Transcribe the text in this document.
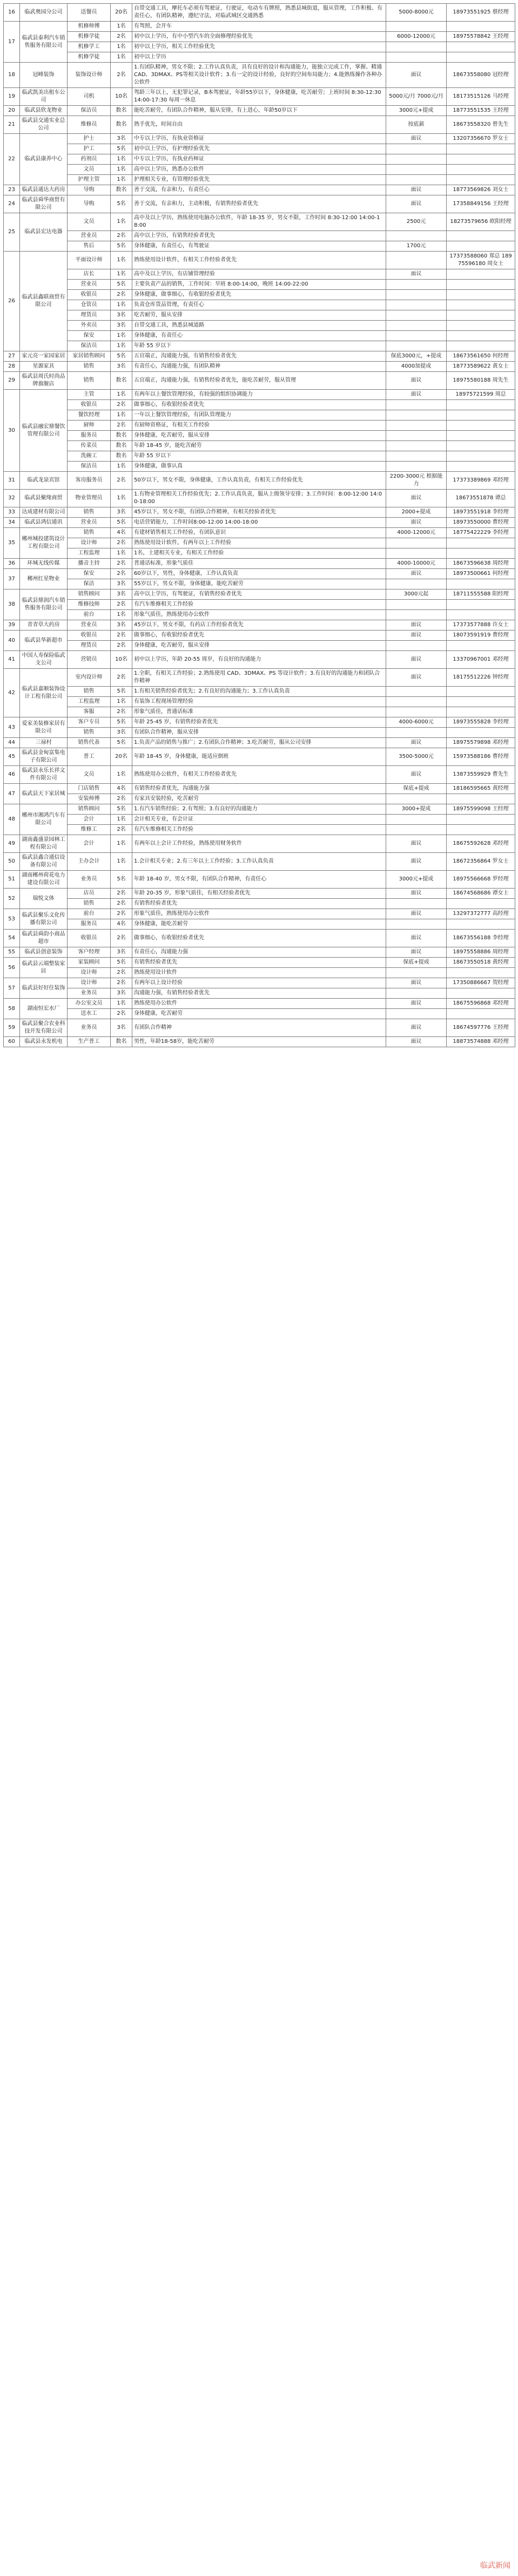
16	临武奥园分公司	送餐员	20名	自带交通工具，摩托车必须有驾驶证，行驶证，电动车有牌照，熟悉县城街道，服从管理，工作积极、有责任心，有团队精神，遵纪守法，对临武城区交通熟悉	5000-8000元	18973551925 蔡经理
17	临武县泰利汽车销售服务有限公司	机修师傅	1名	有驾照，会开车		
		机修学徒	2名	初中以上学历，有中小型汽车的全面修理经验优先	6000-12000元	18975578842 王经理
		机修学工	1名	初中以上学历，相关工作经验优先		
		机修学徒	1名	初中以上学历		
18	冠峰装饰	装饰设计师	2名	1.有团队精神，男女不限；2.工作认真负责，具有良好的设计和沟通能力，能独立完成工作，掌握、精通CAD、3DMAX、PS等相关设计软件；3.有一定的设计经验，良好的空间布局能力；4.能熟练操作各种办公软件	面议	18673558080 冠经理
19	临武凯美出租车公司	司机	10名	驾龄三年以上，无犯罪记录，B本驾驶证，年龄55岁以下，身体健康，吃苦耐劳；上班时间 8:30-12:30 14:00-17:30 每周一休息	5000元/月 7000元/月	18173515126 马经理
20	临武县欣龙物业	保洁员	数名	能吃苦耐劳，有团队合作精神，服从安排，有上进心，年龄50岁以下	3000元+提成	18773551535 王经理
21	临武县交通实业总公司	维修员	数名	熟手优先，时间自由	按底薪	18673558320 曾先生
22	临武县康养中心	护士	3名	中专以上学历，有执业资格证	面议	13207356670 罗女士
		护工	5名	初中以上学历，有护理经验优先		
		药剂员	1名	中专以上学历，有执业药师证		
		文员	1名	高中以上学历，熟悉办公软件		
		护理主管	1名	护理相关专业，有管理经验优先		
23	临武县通达大药房	导购	数名	善于交流，有亲和力，有责任心	面议	18773569826 刘女士
24	临武县舜华商贸有限公司	导购	5名	善于交流，有亲和力，主动积极，有销售经验者优先	面议	17358849156 王经理
25	临武县宏达电器	文员	1名	高中及以上学历，熟练使用电脑办公软件，年龄 18-35 岁，男女不限，工作时间 8:30-12:00 14:00-18:00	2500元	18273579656 欧阳经理
		营业员	2名	高中以上学历，有销售经验者优先		
		售后	5名	身体健康，有责任心，有驾驶证	1700元	
26	临武县鑫联商贸有限公司	平面设计师	1名	熟练使用设计软件，有相关工作经验者优先		17373588060 郑总 18975596180 周女士
		店长	1名	高中及以上学历，有店铺管理经验	面议	
		营业员	5名	主要负责产品的销售，工作时间：早班 8:00-14:00，晚班 14:00-22:00		
		收银员	2名	身体健康，做事细心，有收银经验者优先		
		仓管员	1名	负责仓库货品管理，有责任心		
		理货员	3名	吃苦耐劳，服从安排		
		外卖员	3名	自带交通工具，熟悉县城道路		
		保安	1名	身体健康，有责任心		
		保洁员	1名	年龄 55 岁以下		
27	家元亮一家园家居	家居销售顾问	5名	五官端正，沟通能力强，有销售经验者优先	保底3000元，+提成	18673561650 何经理
28	星源家具	销售	3名	有责任心，沟通能力强，有团队精神	4000加提成	18773589622 黄女士
29	临武县周氏时尚品牌旗舰店	销售	数名	五官端正，沟通能力强，有销售经验者优先，能吃苦耐劳，服从管理	面议	18975580188 周先生
30	临武县融宏鼎餐饮管理有限公司	主管	1名	有两年以上餐饮管理经验，有较强的组织协调能力	面议	18975721599 周总
		收银员	2名	做事细心，有收银经验者优先		
		餐饮经理	1名	一年以上餐饮管理经验，有团队管理能力		
		厨师	2名	有厨师资格证，有相关工作经验		
		服务员	数名	身体健康，吃苦耐劳，服从安排		
		传菜员	数名	年龄 18-45 岁，能吃苦耐劳		
		洗碗工	数名	年龄 55 岁以下		
		保洁员	1名	身体健康，做事认真		
31	临武龙泉宾馆	客房服务员	2名	50岁以下，男女不限，身体健康，工作认真负责，有相关工作经验优先	2200-3000元 根据能力	17373389869 邓经理
32	临武县聚缘商贸	物业管理员	1名	1.有物业管理相关工作经验优先；2.工作认真负责，服从上级领导安排；3.工作时间：8:00-12:00 14:00-18:00	面议	18673551878 谭总
33	达成建材有限公司	销售	3名	45岁以下，男女不限，有团队合作精神，有相关经验者优先	2000+提成	18973551918 李经理
34	临武县鸿信通讯	营业员	5名	电话营销能力，工作时间8:00-12:00 14:00-18:00	面议	18973550000 曹经理
35	郴州城投建筑设计工程有限公司	销售	4名	有建材销售相关工作经验，有团队意识	4000-12000元	18775422229 李经理
		设计师	2名	熟练使用设计软件，有两年以上工作经验		
		工程监理	1名	1名，土建相关专业，有相关工作经验		
36	环城无线传媒	播音主持	2名	普通话标准，形象气质佳	4000-10000元	18673596638 周经理
37	郴州红星物业	保安	2名	60岁以下，男性，身体健康，工作认真负责	面议	18973500661 何经理
		保洁	3名	55岁以下，男女不限，身体健康，能吃苦耐劳		
38	临武县鼎润汽车销售服务有限公司	销售顾问	3名	高中以上学历，有驾驶证，有销售经验者优先	3000元起	18711555588 阳经理
		维修技师	2名	有汽车维修相关工作经验		
		前台	1名	形象气质佳，熟练使用办公软件		
39	青青草大药房	营业员	3名	45岁以下，男女不限，有药店工作经验者优先	面议	17373577888 许女士
40	临武县华新超市	收银员	2名	做事细心，有收银经验者优先	面议	18073591919 曹经理
		理货员	2名	身体健康，吃苦耐劳，服从安排		
41	中国人寿保险临武支公司	营销员	10名	初中以上学历，年龄 20-55 周岁，有良好的沟通能力	面议	13370967001 邓经理
42	临武县嘉顺装饰设计工程有限公司	室内设计师	2名	1.全职，有相关工作经验；2.熟练使用 CAD、3DMAX、PS 等设计软件；3.有良好的沟通能力和团队合作精神	面议	18175512226 钟经理
		销售	5名	1.有相关销售经验者优先；2.有良好的沟通能力；3.工作认真负责		
		工程监理	1名	有装饰工程现场管理经验		
		客服	2名	形象气质佳，普通话标准		
43	爱家美装修家居有限公司	客户专员	5名	年龄 25-45 岁，有销售经验者优先	4000-6000元	18973555828 李经理
		销售	3名	有团队合作精神，服从安排		
44	三禄村	销售代表	5名	1.负责产品的销售与推广；2.有团队合作精神；3.吃苦耐劳，服从公司安排	面议	18975579898 邓经理
45	临武县金甸富集电子有限公司	普工	20名	年龄 18-45 岁，身体健康，能适应倒班	3500-5000元	15973588186 曹经理
46	临武县永乐长祥文件有限公司	文员	1名	熟练使用办公软件，有相关工作经验者优先	面议	13873559929 曹先生
47	临武县天下家居城	门店销售	4名	有销售经验者优先，沟通能力强	保底+提成	18186595665 黄经理
		安装师傅	2名	有家具安装经验，吃苦耐劳		
48	郴州市湘鸿汽车有限公司	销售顾问	5名	1.有汽车销售经验；2.有驾照；3.有良好的沟通能力	3000+提成	18975599098 王经理
		会计	1名	会计相关专业，有会计证		
		维修工	2名	有汽车维修相关工作经验		
49	湖南鑫盛景园林工程有限公司	会计	1名	有两年以上会计工作经验，熟练使用财务软件	面议	18675592628 邓经理
50	临武县鑫合通信设备有限公司	主办会计	1名	1.会计相关专业；2.有三年以上工作经验；3.工作认真负责	面议	18672356864 罗女士
51	湖南郴州荷花电力建设有限公司	业务员	5名	年龄 18-40 岁，男女不限，有团队合作精神，有责任心	3000元+提成	18975566668 罗经理
52	瑞悦文体	店员	2名	年龄 20-35 岁，形象气质佳，有相关经验者优先	面议	18674568686 谭女士
		销售	2名	有销售经验者优先		
53	临武县聚乐文化传播有限公司	前台	2名	形象气质佳，熟练使用办公软件	面议	13297372777 高经理
		服务员	4名	身体健康，能吃苦耐劳		
54	临武县舜韵小商品超市	收银员	2名	做事细心，有收银经验者优先	面议	18673556188 李经理
55	临武县创意装饰	客户经理	3名	有责任心，沟通能力强	面议	18975558886 周经理
56	临武县云端整装家居	家装顾问	5名	有销售经验者优先	保底+提成	18673550518 黄经理
		设计师	2名	熟练使用设计软件		
57	临武县好好住装饰	设计师	2名	有两年以上设计经验	面议	17350886667 贺经理
		业务员	3名	沟通能力强，有销售经验者优先		
58	湖南恒宏水厂	办公室文员	1名	熟练使用办公软件	面议	18675596868 邓经理
		送水工	2名	身体健康，吃苦耐劳		
59	临武县聚合农业科技开发有限公司	业务员	3名	有团队合作精神	面议	18674597776 王经理
60	临武县永发机电	生产普工	数名	男性，年龄18-58岁，能吃苦耐劳	面议	18873574888 邓经理
临武新闻
